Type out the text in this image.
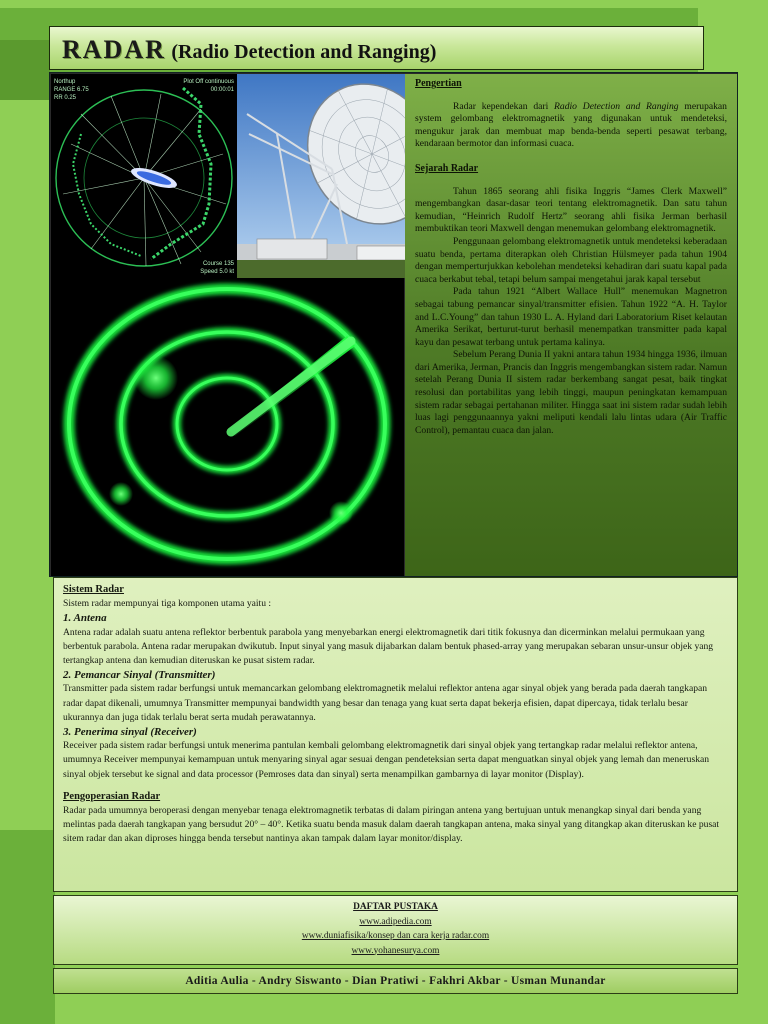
RADAR (Radio Detection and Ranging)
Northup
RANGE 6.75
RR 0.25
Plot Off continuous
00:00:01
Course 135
Speed 5.0 kt
Pengertian

Radar kependekan dari Radio Detection and Ranging merupakan system gelombang elektromagnetik yang digunakan untuk mendeteksi, mengukur jarak dan membuat map benda-benda seperti pesawat terbang, kendaraan bermotor dan informasi cuaca.

Sejarah Radar

Tahun 1865 seorang ahli fisika Inggris “James Clerk Maxwell” mengembangkan dasar-dasar teori tentang elektromagnetik. Dan satu tahun kemudian, “Heinrich Rudolf Hertz” seorang ahli fisika Jerman berhasil membuktikan teori Maxwell dengan menemukan gelombang elektromagnetik.

Penggunaan gelombang elektromagnetik untuk mendeteksi keberadaan suatu benda, pertama diterapkan oleh Christian Hülsmeyer pada tahun 1904 dengan memperturjukkan kebolehan mendeteksi kehadiran dari suatu kapal pada cuaca berkabut tebal, tetapi belum sampai mengetahui jarak kapal tersebut

Pada tahun 1921 “Albert Wallace Hull” menemukan Magnetron sebagai tabung pemancar sinyal/transmitter efisien. Tahun 1922 “A. H. Taylor and L.C.Young” dan tahun 1930 L. A. Hyland dari Laboratorium Riset kelautan Amerika Serikat, berturut-turut berhasil menempatkan transmitter pada kapal kayu dan pesawat terbang untuk pertama kalinya.

Sebelum Perang Dunia II yakni antara tahun 1934 hingga 1936, ilmuan dari Amerika, Jerman, Prancis dan Inggris mengembangkan sistem radar. Namun setelah Perang Dunia II sistem radar berkembang sangat pesat, baik tingkat resolusi dan portabilitas yang lebih tinggi, maupun peningkatan kemampuan sistem radar sebagai pertahanan militer. Hingga saat ini sistem radar sudah lebih luas lagi penggunaannya yakni meliputi kendali lalu lintas udara (Air Traffic Control), pemantau cuaca dan jalan.

Sistem Radar

Sistem radar mempunyai tiga komponen utama yaitu :

1. Antena

Antena radar adalah suatu antena reflektor berbentuk parabola yang menyebarkan energi elektromagnetik dari titik fokusnya dan dicerminkan melalui permukaan yang berbentuk parabola. Antena radar merupakan dwikutub. Input sinyal yang masuk dijabarkan dalam bentuk phased-array yang merupakan sebaran unsur-unsur objek yang tertangkap antena dan kemudian diteruskan ke pusat sistem radar.

2. Pemancar Sinyal (Transmitter)

Transmitter pada sistem radar berfungsi untuk memancarkan gelombang elektromagnetik melalui reflektor antena agar sinyal objek yang berada pada daerah tangkapan radar dapat dikenali, umumnya Transmitter mempunyai bandwidth yang besar dan tenaga yang kuat serta dapat bekerja efisien, dapat dipercaya, tidak terlalu besar ukurannya dan juga tidak terlalu berat serta mudah perawatannya.

3. Penerima sinyal (Receiver)

Receiver pada sistem radar berfungsi untuk menerima pantulan kembali gelombang elektromagnetik dari sinyal objek yang tertangkap radar melalui reflektor antena, umumnya Receiver mempunyai kemampuan untuk menyaring sinyal agar sesuai dengan pendeteksian serta dapat menguatkan sinyal objek yang lemah dan meneruskan sinyal objek tersebut ke signal and data processor (Pemroses data dan sinyal) serta menampilkan gambarnya di layar monitor (Display).

Pengoperasian Radar

Radar pada umumnya beroperasi dengan menyebar tenaga elektromagnetik terbatas di dalam piringan antena yang bertujuan untuk menangkap sinyal dari benda yang melintas pada daerah tangkapan yang bersudut 20° – 40°. Ketika suatu benda masuk dalam daerah tangkapan antena, maka sinyal yang ditangkap akan diteruskan ke pusat sitem radar dan akan diproses hingga benda tersebut nantinya akan tampak dalam layar monitor/display.

DAFTAR PUSTAKA
www.adipedia.com
www.duniafisika/konsep dan cara kerja radar.com
www.yohanesurya.com
Aditia Aulia - Andry Siswanto - Dian Pratiwi - Fakhri Akbar - Usman Munandar
